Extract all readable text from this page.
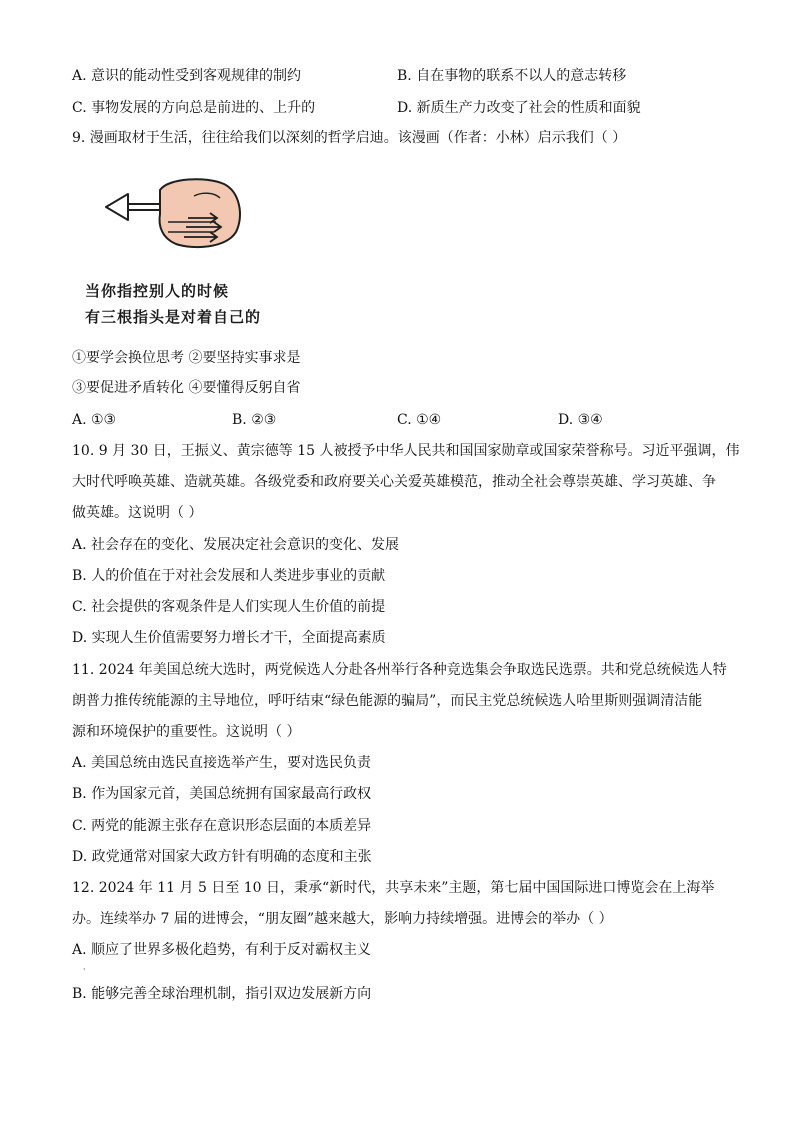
A. 意识的能动性受到客观规律的制约	B. 自在事物的联系不以人的意志转移
C. 事物发展的方向总是前进的、上升的	D. 新质生产力改变了社会的性质和面貌
9. 漫画取材于生活，往往给我们以深刻的哲学启迪。该漫画（作者：小林）启示我们（ ）
当你指控别人的时候
有三根指头是对着自己的
①要学会换位思考 ②要坚持实事求是
③要促进矛盾转化 ④要懂得反躬自省
A. ①③	B. ②③	C. ①④	D. ③④
10. 9 月 30 日，王振义、黄宗德等 15 人被授予中华人民共和国国家勋章或国家荣誉称号。习近平强调，伟
大时代呼唤英雄、造就英雄。各级党委和政府要关心关爱英雄模范，推动全社会尊崇英雄、学习英雄、争
做英雄。这说明（ ）
A. 社会存在的变化、发展决定社会意识的变化、发展
B. 人的价值在于对社会发展和人类进步事业的贡献
C. 社会提供的客观条件是人们实现人生价值的前提
D. 实现人生价值需要努力增长才干，全面提高素质
11. 2024 年美国总统大选时，两党候选人分赴各州举行各种竞选集会争取选民选票。共和党总统候选人特
朗普力推传统能源的主导地位，呼吁结束“绿色能源的骗局”，而民主党总统候选人哈里斯则强调清洁能
源和环境保护的重要性。这说明（ ）
A. 美国总统由选民直接选举产生，要对选民负责
B. 作为国家元首，美国总统拥有国家最高行政权
C. 两党的能源主张存在意识形态层面的本质差异
D. 政党通常对国家大政方针有明确的态度和主张
12. 2024 年 11 月 5 日至 10 日，秉承“新时代，共享未来”主题，第七届中国国际进口博览会在上海举
办。连续举办 7 届的进博会，“朋友圈”越来越大，影响力持续增强。进博会的举办（ ）
A. 顺应了世界多极化趋势，有利于反对霸权主义
·
B. 能够完善全球治理机制，指引双边发展新方向
